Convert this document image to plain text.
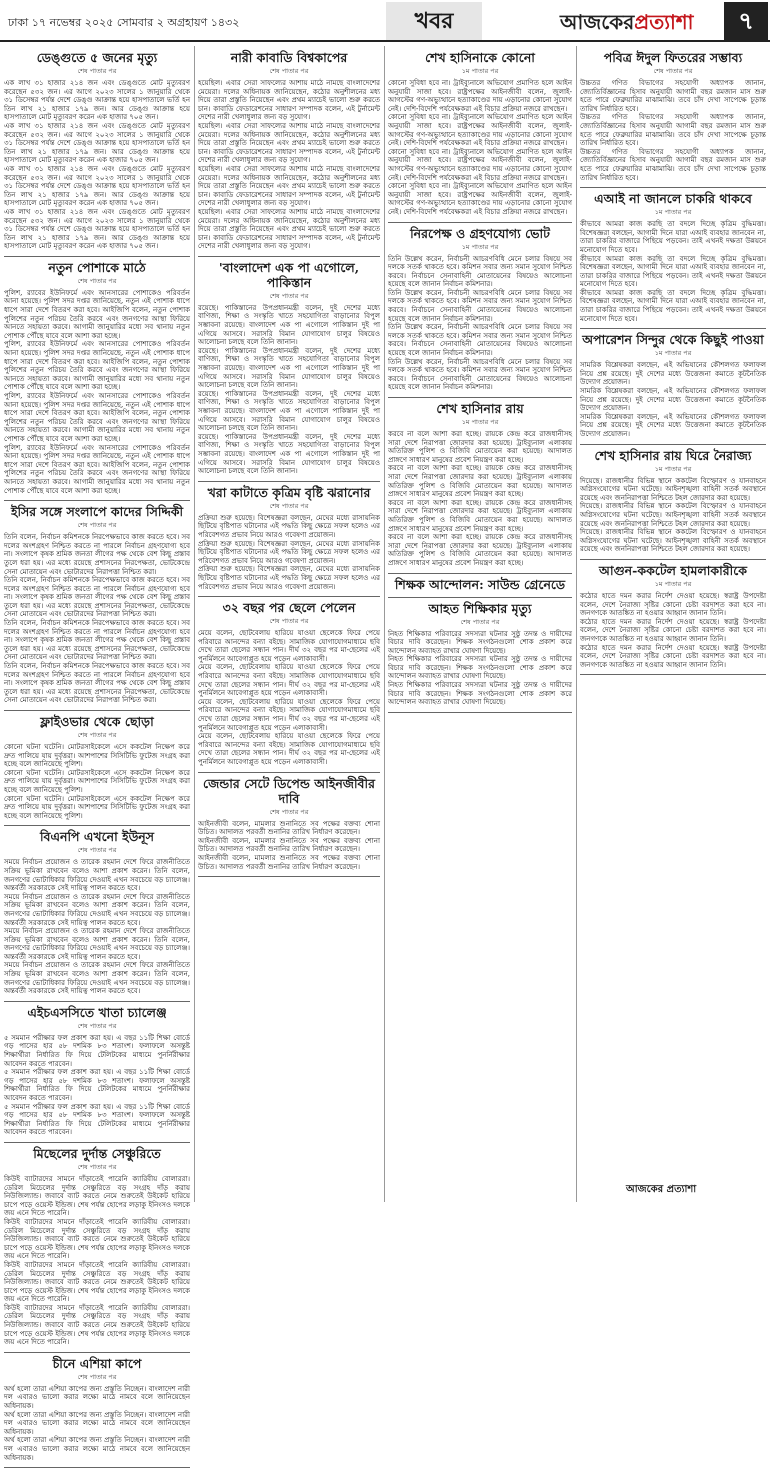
ঢাকা ১৭ নভেম্বর ২০২৫ সোমবার ২ অগ্রহায়ণ ১৪৩২	খবর	আজকেরপ্রত্যাশা	৭
ডেঙ্গুতে ৫ জনের মৃত্যু
শেষ পাতার পর

এক লাখ ৩১ হাজার ২১৪ জন এবং ডেঙ্গুতে মোট মৃত্যুবরণ করেছেন ৫৩২ জন। এর আগে ২০২৩ সালের ১ জানুয়ারি থেকে ৩১ ডিসেম্বর পর্যন্ত দেশে ডেঙ্গু আক্রান্ত হয়ে হাসপাতালে ভর্তি হন তিন লাখ ২১ হাজার ১৭৯ জন। আর ডেঙ্গু আক্রান্ত হয়ে হাসপাতালে মোট মৃত্যুবরণ করেন এক হাজার ৭০৫ জন।

এক লাখ ৩১ হাজার ২১৪ জন এবং ডেঙ্গুতে মোট মৃত্যুবরণ করেছেন ৫৩২ জন। এর আগে ২০২৩ সালের ১ জানুয়ারি থেকে ৩১ ডিসেম্বর পর্যন্ত দেশে ডেঙ্গু আক্রান্ত হয়ে হাসপাতালে ভর্তি হন তিন লাখ ২১ হাজার ১৭৯ জন। আর ডেঙ্গু আক্রান্ত হয়ে হাসপাতালে মোট মৃত্যুবরণ করেন এক হাজার ৭০৫ জন।

এক লাখ ৩১ হাজার ২১৪ জন এবং ডেঙ্গুতে মোট মৃত্যুবরণ করেছেন ৫৩২ জন। এর আগে ২০২৩ সালের ১ জানুয়ারি থেকে ৩১ ডিসেম্বর পর্যন্ত দেশে ডেঙ্গু আক্রান্ত হয়ে হাসপাতালে ভর্তি হন তিন লাখ ২১ হাজার ১৭৯ জন। আর ডেঙ্গু আক্রান্ত হয়ে হাসপাতালে মোট মৃত্যুবরণ করেন এক হাজার ৭০৫ জন।

এক লাখ ৩১ হাজার ২১৪ জন এবং ডেঙ্গুতে মোট মৃত্যুবরণ করেছেন ৫৩২ জন। এর আগে ২০২৩ সালের ১ জানুয়ারি থেকে ৩১ ডিসেম্বর পর্যন্ত দেশে ডেঙ্গু আক্রান্ত হয়ে হাসপাতালে ভর্তি হন তিন লাখ ২১ হাজার ১৭৯ জন। আর ডেঙ্গু আক্রান্ত হয়ে হাসপাতালে মোট মৃত্যুবরণ করেন এক হাজার ৭০৫ জন।

নতুন পোশাকে মাঠে
শেষ পাতার পর

পুলিশ, র‍্যাবের ইউনিফর্মে এবং আনসারের পোশাকেও পরিবর্তন আনা হয়েছে। পুলিশ সদর দপ্তর জানিয়েছে, নতুন এই পোশাক ধাপে ধাপে সারা দেশে বিতরণ করা হবে। আইজিপি বলেন, নতুন পোশাক পুলিশের নতুন পরিচয় তৈরি করবে এবং জনগণের আস্থা ফিরিয়ে আনতে সহায়তা করবে। আগামী জানুয়ারির মধ্যে সব থানায় নতুন পোশাক পৌঁছে যাবে বলে আশা করা হচ্ছে।

পুলিশ, র‍্যাবের ইউনিফর্মে এবং আনসারের পোশাকেও পরিবর্তন আনা হয়েছে। পুলিশ সদর দপ্তর জানিয়েছে, নতুন এই পোশাক ধাপে ধাপে সারা দেশে বিতরণ করা হবে। আইজিপি বলেন, নতুন পোশাক পুলিশের নতুন পরিচয় তৈরি করবে এবং জনগণের আস্থা ফিরিয়ে আনতে সহায়তা করবে। আগামী জানুয়ারির মধ্যে সব থানায় নতুন পোশাক পৌঁছে যাবে বলে আশা করা হচ্ছে।

পুলিশ, র‍্যাবের ইউনিফর্মে এবং আনসারের পোশাকেও পরিবর্তন আনা হয়েছে। পুলিশ সদর দপ্তর জানিয়েছে, নতুন এই পোশাক ধাপে ধাপে সারা দেশে বিতরণ করা হবে। আইজিপি বলেন, নতুন পোশাক পুলিশের নতুন পরিচয় তৈরি করবে এবং জনগণের আস্থা ফিরিয়ে আনতে সহায়তা করবে। আগামী জানুয়ারির মধ্যে সব থানায় নতুন পোশাক পৌঁছে যাবে বলে আশা করা হচ্ছে।

পুলিশ, র‍্যাবের ইউনিফর্মে এবং আনসারের পোশাকেও পরিবর্তন আনা হয়েছে। পুলিশ সদর দপ্তর জানিয়েছে, নতুন এই পোশাক ধাপে ধাপে সারা দেশে বিতরণ করা হবে। আইজিপি বলেন, নতুন পোশাক পুলিশের নতুন পরিচয় তৈরি করবে এবং জনগণের আস্থা ফিরিয়ে আনতে সহায়তা করবে। আগামী জানুয়ারির মধ্যে সব থানায় নতুন পোশাক পৌঁছে যাবে বলে আশা করা হচ্ছে।

ইসির সঙ্গে সংলাপে কাদের সিদ্দিকী
শেষ পাতার পর

তিনি বলেন, নির্বাচন কমিশনকে নিরপেক্ষভাবে কাজ করতে হবে। সব দলের অংশগ্রহণ নিশ্চিত করতে না পারলে নির্বাচন গ্রহণযোগ্য হবে না। সংলাপে কৃষক শ্রমিক জনতা লীগের পক্ষ থেকে বেশ কিছু প্রস্তাব তুলে ধরা হয়। এর মধ্যে রয়েছে প্রশাসনের নিরপেক্ষতা, ভোটকেন্দ্রে সেনা মোতায়েন এবং ভোটারদের নিরাপত্তা নিশ্চিত করা।

তিনি বলেন, নির্বাচন কমিশনকে নিরপেক্ষভাবে কাজ করতে হবে। সব দলের অংশগ্রহণ নিশ্চিত করতে না পারলে নির্বাচন গ্রহণযোগ্য হবে না। সংলাপে কৃষক শ্রমিক জনতা লীগের পক্ষ থেকে বেশ কিছু প্রস্তাব তুলে ধরা হয়। এর মধ্যে রয়েছে প্রশাসনের নিরপেক্ষতা, ভোটকেন্দ্রে সেনা মোতায়েন এবং ভোটারদের নিরাপত্তা নিশ্চিত করা।

তিনি বলেন, নির্বাচন কমিশনকে নিরপেক্ষভাবে কাজ করতে হবে। সব দলের অংশগ্রহণ নিশ্চিত করতে না পারলে নির্বাচন গ্রহণযোগ্য হবে না। সংলাপে কৃষক শ্রমিক জনতা লীগের পক্ষ থেকে বেশ কিছু প্রস্তাব তুলে ধরা হয়। এর মধ্যে রয়েছে প্রশাসনের নিরপেক্ষতা, ভোটকেন্দ্রে সেনা মোতায়েন এবং ভোটারদের নিরাপত্তা নিশ্চিত করা।

তিনি বলেন, নির্বাচন কমিশনকে নিরপেক্ষভাবে কাজ করতে হবে। সব দলের অংশগ্রহণ নিশ্চিত করতে না পারলে নির্বাচন গ্রহণযোগ্য হবে না। সংলাপে কৃষক শ্রমিক জনতা লীগের পক্ষ থেকে বেশ কিছু প্রস্তাব তুলে ধরা হয়। এর মধ্যে রয়েছে প্রশাসনের নিরপেক্ষতা, ভোটকেন্দ্রে সেনা মোতায়েন এবং ভোটারদের নিরাপত্তা নিশ্চিত করা।

ফ্লাইওভার থেকে ছোড়া
শেষ পাতার পর

কোনো ঘটনা ঘটেনি। মোটরসাইকেলে এসে ককটেল নিক্ষেপ করে দ্রুত পালিয়ে যায় দুর্বৃত্তরা। আশপাশের সিসিটিভি ফুটেজ সংগ্রহ করা হচ্ছে বলে জানিয়েছে পুলিশ।

কোনো ঘটনা ঘটেনি। মোটরসাইকেলে এসে ককটেল নিক্ষেপ করে দ্রুত পালিয়ে যায় দুর্বৃত্তরা। আশপাশের সিসিটিভি ফুটেজ সংগ্রহ করা হচ্ছে বলে জানিয়েছে পুলিশ।

কোনো ঘটনা ঘটেনি। মোটরসাইকেলে এসে ককটেল নিক্ষেপ করে দ্রুত পালিয়ে যায় দুর্বৃত্তরা। আশপাশের সিসিটিভি ফুটেজ সংগ্রহ করা হচ্ছে বলে জানিয়েছে পুলিশ।

বিএনপি এখনো ইউনূস
শেষ পাতার পর

সময়ে নির্বাচন প্রয়োজন ও তারেক রহমান দেশে ফিরে রাজনীতিতে সক্রিয় ভূমিকা রাখবেন বলেও আশা প্রকাশ করেন। তিনি বলেন, জনগণের ভোটাধিকার ফিরিয়ে দেওয়াই এখন সবচেয়ে বড় চ্যালেঞ্জ। অন্তর্বর্তী সরকারকে সেই দায়িত্ব পালন করতে হবে।

সময়ে নির্বাচন প্রয়োজন ও তারেক রহমান দেশে ফিরে রাজনীতিতে সক্রিয় ভূমিকা রাখবেন বলেও আশা প্রকাশ করেন। তিনি বলেন, জনগণের ভোটাধিকার ফিরিয়ে দেওয়াই এখন সবচেয়ে বড় চ্যালেঞ্জ। অন্তর্বর্তী সরকারকে সেই দায়িত্ব পালন করতে হবে।

সময়ে নির্বাচন প্রয়োজন ও তারেক রহমান দেশে ফিরে রাজনীতিতে সক্রিয় ভূমিকা রাখবেন বলেও আশা প্রকাশ করেন। তিনি বলেন, জনগণের ভোটাধিকার ফিরিয়ে দেওয়াই এখন সবচেয়ে বড় চ্যালেঞ্জ। অন্তর্বর্তী সরকারকে সেই দায়িত্ব পালন করতে হবে।

সময়ে নির্বাচন প্রয়োজন ও তারেক রহমান দেশে ফিরে রাজনীতিতে সক্রিয় ভূমিকা রাখবেন বলেও আশা প্রকাশ করেন। তিনি বলেন, জনগণের ভোটাধিকার ফিরিয়ে দেওয়াই এখন সবচেয়ে বড় চ্যালেঞ্জ। অন্তর্বর্তী সরকারকে সেই দায়িত্ব পালন করতে হবে।

এইচএসসিতে খাতা চ্যালেঞ্জ
শেষ পাতার পর

৫ সমমান পরীক্ষার ফল প্রকাশ করা হয়। এ বছর ১১টি শিক্ষা বোর্ডে গড় পাসের হার ৫৮ দশমিক ৮৩ শতাংশ। ফলাফলে অসন্তুষ্ট শিক্ষার্থীরা নির্ধারিত ফি দিয়ে টেলিটকের মাধ্যমে পুনর্নিরীক্ষার আবেদন করতে পারবেন।

৫ সমমান পরীক্ষার ফল প্রকাশ করা হয়। এ বছর ১১টি শিক্ষা বোর্ডে গড় পাসের হার ৫৮ দশমিক ৮৩ শতাংশ। ফলাফলে অসন্তুষ্ট শিক্ষার্থীরা নির্ধারিত ফি দিয়ে টেলিটকের মাধ্যমে পুনর্নিরীক্ষার আবেদন করতে পারবেন।

৫ সমমান পরীক্ষার ফল প্রকাশ করা হয়। এ বছর ১১টি শিক্ষা বোর্ডে গড় পাসের হার ৫৮ দশমিক ৮৩ শতাংশ। ফলাফলে অসন্তুষ্ট শিক্ষার্থীরা নির্ধারিত ফি দিয়ে টেলিটকের মাধ্যমে পুনর্নিরীক্ষার আবেদন করতে পারবেন।

মিছেলের দুর্দান্ত সেঞ্চুরিতে
শেষ পাতার পর

কিউই ব্যাটারদের সামনে দাঁড়াতেই পারেনি ক্যারিবীয় বোলাররা। ডেরিল মিচেলের দুর্দান্ত সেঞ্চুরিতে বড় সংগ্রহ দাঁড় করায় নিউজিল্যান্ড। জবাবে ব্যাট করতে নেমে শুরুতেই উইকেট হারিয়ে চাপে পড়ে ওয়েস্ট ইন্ডিজ। শেষ পর্যন্ত হোপের লড়াকু ইনিংসও দলকে জয় এনে দিতে পারেনি।

কিউই ব্যাটারদের সামনে দাঁড়াতেই পারেনি ক্যারিবীয় বোলাররা। ডেরিল মিচেলের দুর্দান্ত সেঞ্চুরিতে বড় সংগ্রহ দাঁড় করায় নিউজিল্যান্ড। জবাবে ব্যাট করতে নেমে শুরুতেই উইকেট হারিয়ে চাপে পড়ে ওয়েস্ট ইন্ডিজ। শেষ পর্যন্ত হোপের লড়াকু ইনিংসও দলকে জয় এনে দিতে পারেনি।

কিউই ব্যাটারদের সামনে দাঁড়াতেই পারেনি ক্যারিবীয় বোলাররা। ডেরিল মিচেলের দুর্দান্ত সেঞ্চুরিতে বড় সংগ্রহ দাঁড় করায় নিউজিল্যান্ড। জবাবে ব্যাট করতে নেমে শুরুতেই উইকেট হারিয়ে চাপে পড়ে ওয়েস্ট ইন্ডিজ। শেষ পর্যন্ত হোপের লড়াকু ইনিংসও দলকে জয় এনে দিতে পারেনি।

কিউই ব্যাটারদের সামনে দাঁড়াতেই পারেনি ক্যারিবীয় বোলাররা। ডেরিল মিচেলের দুর্দান্ত সেঞ্চুরিতে বড় সংগ্রহ দাঁড় করায় নিউজিল্যান্ড। জবাবে ব্যাট করতে নেমে শুরুতেই উইকেট হারিয়ে চাপে পড়ে ওয়েস্ট ইন্ডিজ। শেষ পর্যন্ত হোপের লড়াকু ইনিংসও দলকে জয় এনে দিতে পারেনি।

চীনে এশিয়া কাপে
শেষ পাতার পর

অর্থ হলো তারা এশিয়া কাপের জন্য প্রস্তুতি নিচ্ছেন। বাংলাদেশ নারী দল এবারও ভালো করার লক্ষ্যে মাঠে নামবে বলে জানিয়েছেন অধিনায়ক।

অর্থ হলো তারা এশিয়া কাপের জন্য প্রস্তুতি নিচ্ছেন। বাংলাদেশ নারী দল এবারও ভালো করার লক্ষ্যে মাঠে নামবে বলে জানিয়েছেন অধিনায়ক।

অর্থ হলো তারা এশিয়া কাপের জন্য প্রস্তুতি নিচ্ছেন। বাংলাদেশ নারী দল এবারও ভালো করার লক্ষ্যে মাঠে নামবে বলে জানিয়েছেন অধিনায়ক।

নারী কাবাডি বিশ্বকাপের
শেষ পাতার পর

হয়েছিল। এবার সেরা সাফল্যের আশায় মাঠে নামছে বাংলাদেশের মেয়েরা। দলের অধিনায়ক জানিয়েছেন, কঠোর অনুশীলনের মধ্য দিয়ে তারা প্রস্তুতি নিয়েছেন এবং প্রথম ম্যাচেই ভালো শুরু করতে চান। কাবাডি ফেডারেশনের সাধারণ সম্পাদক বলেন, এই টুর্নামেন্ট দেশের নারী খেলাধুলার জন্য বড় সুযোগ।

হয়েছিল। এবার সেরা সাফল্যের আশায় মাঠে নামছে বাংলাদেশের মেয়েরা। দলের অধিনায়ক জানিয়েছেন, কঠোর অনুশীলনের মধ্য দিয়ে তারা প্রস্তুতি নিয়েছেন এবং প্রথম ম্যাচেই ভালো শুরু করতে চান। কাবাডি ফেডারেশনের সাধারণ সম্পাদক বলেন, এই টুর্নামেন্ট দেশের নারী খেলাধুলার জন্য বড় সুযোগ।

হয়েছিল। এবার সেরা সাফল্যের আশায় মাঠে নামছে বাংলাদেশের মেয়েরা। দলের অধিনায়ক জানিয়েছেন, কঠোর অনুশীলনের মধ্য দিয়ে তারা প্রস্তুতি নিয়েছেন এবং প্রথম ম্যাচেই ভালো শুরু করতে চান। কাবাডি ফেডারেশনের সাধারণ সম্পাদক বলেন, এই টুর্নামেন্ট দেশের নারী খেলাধুলার জন্য বড় সুযোগ।

হয়েছিল। এবার সেরা সাফল্যের আশায় মাঠে নামছে বাংলাদেশের মেয়েরা। দলের অধিনায়ক জানিয়েছেন, কঠোর অনুশীলনের মধ্য দিয়ে তারা প্রস্তুতি নিয়েছেন এবং প্রথম ম্যাচেই ভালো শুরু করতে চান। কাবাডি ফেডারেশনের সাধারণ সম্পাদক বলেন, এই টুর্নামেন্ট দেশের নারী খেলাধুলার জন্য বড় সুযোগ।

'বাংলাদেশ এক পা এগোলে, পাকিস্তান
শেষ পাতার পর

রয়েছে। পাকিস্তানের উপপ্রধানমন্ত্রী বলেন, দুই দেশের মধ্যে বাণিজ্য, শিক্ষা ও সংস্কৃতি খাতে সহযোগিতা বাড়ানোর বিপুল সম্ভাবনা রয়েছে। বাংলাদেশ এক পা এগোলে পাকিস্তান দুই পা এগিয়ে আসবে। সরাসরি বিমান যোগাযোগ চালুর বিষয়েও আলোচনা চলছে বলে তিনি জানান।

রয়েছে। পাকিস্তানের উপপ্রধানমন্ত্রী বলেন, দুই দেশের মধ্যে বাণিজ্য, শিক্ষা ও সংস্কৃতি খাতে সহযোগিতা বাড়ানোর বিপুল সম্ভাবনা রয়েছে। বাংলাদেশ এক পা এগোলে পাকিস্তান দুই পা এগিয়ে আসবে। সরাসরি বিমান যোগাযোগ চালুর বিষয়েও আলোচনা চলছে বলে তিনি জানান।

রয়েছে। পাকিস্তানের উপপ্রধানমন্ত্রী বলেন, দুই দেশের মধ্যে বাণিজ্য, শিক্ষা ও সংস্কৃতি খাতে সহযোগিতা বাড়ানোর বিপুল সম্ভাবনা রয়েছে। বাংলাদেশ এক পা এগোলে পাকিস্তান দুই পা এগিয়ে আসবে। সরাসরি বিমান যোগাযোগ চালুর বিষয়েও আলোচনা চলছে বলে তিনি জানান।

রয়েছে। পাকিস্তানের উপপ্রধানমন্ত্রী বলেন, দুই দেশের মধ্যে বাণিজ্য, শিক্ষা ও সংস্কৃতি খাতে সহযোগিতা বাড়ানোর বিপুল সম্ভাবনা রয়েছে। বাংলাদেশ এক পা এগোলে পাকিস্তান দুই পা এগিয়ে আসবে। সরাসরি বিমান যোগাযোগ চালুর বিষয়েও আলোচনা চলছে বলে তিনি জানান।

খরা কাটাতে কৃত্রিম বৃষ্টি ঝরানোর
শেষ পাতার পর

প্রক্রিয়া শুরু হয়েছে। বিশেষজ্ঞরা বলছেন, মেঘের মধ্যে রাসায়নিক ছিটিয়ে বৃষ্টিপাত ঘটানোর এই পদ্ধতি কিছু ক্ষেত্রে সফল হলেও এর পরিবেশগত প্রভাব নিয়ে আরও গবেষণা প্রয়োজন।

প্রক্রিয়া শুরু হয়েছে। বিশেষজ্ঞরা বলছেন, মেঘের মধ্যে রাসায়নিক ছিটিয়ে বৃষ্টিপাত ঘটানোর এই পদ্ধতি কিছু ক্ষেত্রে সফল হলেও এর পরিবেশগত প্রভাব নিয়ে আরও গবেষণা প্রয়োজন।

প্রক্রিয়া শুরু হয়েছে। বিশেষজ্ঞরা বলছেন, মেঘের মধ্যে রাসায়নিক ছিটিয়ে বৃষ্টিপাত ঘটানোর এই পদ্ধতি কিছু ক্ষেত্রে সফল হলেও এর পরিবেশগত প্রভাব নিয়ে আরও গবেষণা প্রয়োজন।

৩২ বছর পর ছেলে পেলেন
শেষ পাতার পর

মেয়ে বলেন, ছোটবেলায় হারিয়ে যাওয়া ছেলেকে ফিরে পেয়ে পরিবারে আনন্দের বন্যা বইছে। সামাজিক যোগাযোগমাধ্যমে ছবি দেখে তারা ছেলের সন্ধান পান। দীর্ঘ ৩২ বছর পর মা-ছেলের এই পুনর্মিলনে আবেগাপ্লুত হয়ে পড়েন এলাকাবাসী।

মেয়ে বলেন, ছোটবেলায় হারিয়ে যাওয়া ছেলেকে ফিরে পেয়ে পরিবারে আনন্দের বন্যা বইছে। সামাজিক যোগাযোগমাধ্যমে ছবি দেখে তারা ছেলের সন্ধান পান। দীর্ঘ ৩২ বছর পর মা-ছেলের এই পুনর্মিলনে আবেগাপ্লুত হয়ে পড়েন এলাকাবাসী।

মেয়ে বলেন, ছোটবেলায় হারিয়ে যাওয়া ছেলেকে ফিরে পেয়ে পরিবারে আনন্দের বন্যা বইছে। সামাজিক যোগাযোগমাধ্যমে ছবি দেখে তারা ছেলের সন্ধান পান। দীর্ঘ ৩২ বছর পর মা-ছেলের এই পুনর্মিলনে আবেগাপ্লুত হয়ে পড়েন এলাকাবাসী।

মেয়ে বলেন, ছোটবেলায় হারিয়ে যাওয়া ছেলেকে ফিরে পেয়ে পরিবারে আনন্দের বন্যা বইছে। সামাজিক যোগাযোগমাধ্যমে ছবি দেখে তারা ছেলের সন্ধান পান। দীর্ঘ ৩২ বছর পর মা-ছেলের এই পুনর্মিলনে আবেগাপ্লুত হয়ে পড়েন এলাকাবাসী।

জেন্ডার সেটে ডিপেন্ড আইনজীবীর দাবি
শেষ পাতার পর

আইনজীবী বলেন, মামলার শুনানিতে সব পক্ষের বক্তব্য শোনা উচিত। আদালত পরবর্তী শুনানির তারিখ নির্ধারণ করেছেন।

আইনজীবী বলেন, মামলার শুনানিতে সব পক্ষের বক্তব্য শোনা উচিত। আদালত পরবর্তী শুনানির তারিখ নির্ধারণ করেছেন।

আইনজীবী বলেন, মামলার শুনানিতে সব পক্ষের বক্তব্য শোনা উচিত। আদালত পরবর্তী শুনানির তারিখ নির্ধারণ করেছেন।

শেখ হাসিনাকে কোনো
১ম পাতার পর

কোনো সুবিধা হবে না। ট্রাইব্যুনালে অভিযোগ প্রমাণিত হলে আইন অনুযায়ী সাজা হবে। রাষ্ট্রপক্ষের আইনজীবী বলেন, জুলাই-আগস্টের গণ-অভ্যুত্থানে হত্যাকাণ্ডের দায় এড়ানোর কোনো সুযোগ নেই। দেশি-বিদেশি পর্যবেক্ষকরা এই বিচার প্রক্রিয়া নজরে রাখছেন।

কোনো সুবিধা হবে না। ট্রাইব্যুনালে অভিযোগ প্রমাণিত হলে আইন অনুযায়ী সাজা হবে। রাষ্ট্রপক্ষের আইনজীবী বলেন, জুলাই-আগস্টের গণ-অভ্যুত্থানে হত্যাকাণ্ডের দায় এড়ানোর কোনো সুযোগ নেই। দেশি-বিদেশি পর্যবেক্ষকরা এই বিচার প্রক্রিয়া নজরে রাখছেন।

কোনো সুবিধা হবে না। ট্রাইব্যুনালে অভিযোগ প্রমাণিত হলে আইন অনুযায়ী সাজা হবে। রাষ্ট্রপক্ষের আইনজীবী বলেন, জুলাই-আগস্টের গণ-অভ্যুত্থানে হত্যাকাণ্ডের দায় এড়ানোর কোনো সুযোগ নেই। দেশি-বিদেশি পর্যবেক্ষকরা এই বিচার প্রক্রিয়া নজরে রাখছেন।

কোনো সুবিধা হবে না। ট্রাইব্যুনালে অভিযোগ প্রমাণিত হলে আইন অনুযায়ী সাজা হবে। রাষ্ট্রপক্ষের আইনজীবী বলেন, জুলাই-আগস্টের গণ-অভ্যুত্থানে হত্যাকাণ্ডের দায় এড়ানোর কোনো সুযোগ নেই। দেশি-বিদেশি পর্যবেক্ষকরা এই বিচার প্রক্রিয়া নজরে রাখছেন।

নিরপেক্ষ ও গ্রহণযোগ্য ভোট
১ম পাতার পর

তিনি উল্লেখ করেন, নির্বাচনী আচরণবিধি মেনে চলার বিষয়ে সব দলকে সতর্ক থাকতে হবে। কমিশন সবার জন্য সমান সুযোগ নিশ্চিত করবে। নির্বাচনে সেনাবাহিনী মোতায়েনের বিষয়েও আলোচনা হয়েছে বলে জানান নির্বাচন কমিশনার।

তিনি উল্লেখ করেন, নির্বাচনী আচরণবিধি মেনে চলার বিষয়ে সব দলকে সতর্ক থাকতে হবে। কমিশন সবার জন্য সমান সুযোগ নিশ্চিত করবে। নির্বাচনে সেনাবাহিনী মোতায়েনের বিষয়েও আলোচনা হয়েছে বলে জানান নির্বাচন কমিশনার।

তিনি উল্লেখ করেন, নির্বাচনী আচরণবিধি মেনে চলার বিষয়ে সব দলকে সতর্ক থাকতে হবে। কমিশন সবার জন্য সমান সুযোগ নিশ্চিত করবে। নির্বাচনে সেনাবাহিনী মোতায়েনের বিষয়েও আলোচনা হয়েছে বলে জানান নির্বাচন কমিশনার।

তিনি উল্লেখ করেন, নির্বাচনী আচরণবিধি মেনে চলার বিষয়ে সব দলকে সতর্ক থাকতে হবে। কমিশন সবার জন্য সমান সুযোগ নিশ্চিত করবে। নির্বাচনে সেনাবাহিনী মোতায়েনের বিষয়েও আলোচনা হয়েছে বলে জানান নির্বাচন কমিশনার।

শেখ হাসিনার রায়
১ম পাতার পর

করবে না বলে আশা করা হচ্ছে। রায়কে কেন্দ্র করে রাজধানীসহ সারা দেশে নিরাপত্তা জোরদার করা হয়েছে। ট্রাইব্যুনাল এলাকায় অতিরিক্ত পুলিশ ও বিজিবি মোতায়েন করা হয়েছে। আদালত প্রাঙ্গণে সাধারণ মানুষের প্রবেশ নিয়ন্ত্রণ করা হচ্ছে।

করবে না বলে আশা করা হচ্ছে। রায়কে কেন্দ্র করে রাজধানীসহ সারা দেশে নিরাপত্তা জোরদার করা হয়েছে। ট্রাইব্যুনাল এলাকায় অতিরিক্ত পুলিশ ও বিজিবি মোতায়েন করা হয়েছে। আদালত প্রাঙ্গণে সাধারণ মানুষের প্রবেশ নিয়ন্ত্রণ করা হচ্ছে।

করবে না বলে আশা করা হচ্ছে। রায়কে কেন্দ্র করে রাজধানীসহ সারা দেশে নিরাপত্তা জোরদার করা হয়েছে। ট্রাইব্যুনাল এলাকায় অতিরিক্ত পুলিশ ও বিজিবি মোতায়েন করা হয়েছে। আদালত প্রাঙ্গণে সাধারণ মানুষের প্রবেশ নিয়ন্ত্রণ করা হচ্ছে।

করবে না বলে আশা করা হচ্ছে। রায়কে কেন্দ্র করে রাজধানীসহ সারা দেশে নিরাপত্তা জোরদার করা হয়েছে। ট্রাইব্যুনাল এলাকায় অতিরিক্ত পুলিশ ও বিজিবি মোতায়েন করা হয়েছে। আদালত প্রাঙ্গণে সাধারণ মানুষের প্রবেশ নিয়ন্ত্রণ করা হচ্ছে।

শিক্ষক আন্দোলন: সাউন্ড গ্রেনেডে
আহত শিক্ষিকার মৃত্যু
শেষ পাতার পর

নিহত শিক্ষিকার পরিবারের সদস্যরা ঘটনার সুষ্ঠু তদন্ত ও দায়ীদের বিচার দাবি করেছেন। শিক্ষক সংগঠনগুলো শোক প্রকাশ করে আন্দোলন অব্যাহত রাখার ঘোষণা দিয়েছে।

নিহত শিক্ষিকার পরিবারের সদস্যরা ঘটনার সুষ্ঠু তদন্ত ও দায়ীদের বিচার দাবি করেছেন। শিক্ষক সংগঠনগুলো শোক প্রকাশ করে আন্দোলন অব্যাহত রাখার ঘোষণা দিয়েছে।

নিহত শিক্ষিকার পরিবারের সদস্যরা ঘটনার সুষ্ঠু তদন্ত ও দায়ীদের বিচার দাবি করেছেন। শিক্ষক সংগঠনগুলো শোক প্রকাশ করে আন্দোলন অব্যাহত রাখার ঘোষণা দিয়েছে।

পবিত্র ঈদুল ফিতরের সম্ভাব্য
শেষ পাতার পর

উচ্চতর গণিত বিভাগের সহযোগী অধ্যাপক জানান, জ্যোতির্বিজ্ঞানের হিসাব অনুযায়ী আগামী বছর রমজান মাস শুরু হতে পারে ফেব্রুয়ারির মাঝামাঝি। তবে চাঁদ দেখা সাপেক্ষে চূড়ান্ত তারিখ নির্ধারিত হবে।

উচ্চতর গণিত বিভাগের সহযোগী অধ্যাপক জানান, জ্যোতির্বিজ্ঞানের হিসাব অনুযায়ী আগামী বছর রমজান মাস শুরু হতে পারে ফেব্রুয়ারির মাঝামাঝি। তবে চাঁদ দেখা সাপেক্ষে চূড়ান্ত তারিখ নির্ধারিত হবে।

উচ্চতর গণিত বিভাগের সহযোগী অধ্যাপক জানান, জ্যোতির্বিজ্ঞানের হিসাব অনুযায়ী আগামী বছর রমজান মাস শুরু হতে পারে ফেব্রুয়ারির মাঝামাঝি। তবে চাঁদ দেখা সাপেক্ষে চূড়ান্ত তারিখ নির্ধারিত হবে।

এআই না জানলে চাকরি থাকবে
১ম পাতার পর

কীভাবে আমরা কাজ করছি তা বদলে দিচ্ছে কৃত্রিম বুদ্ধিমত্তা। বিশেষজ্ঞরা বলছেন, আগামী দিনে যারা এআই ব্যবহার জানবেন না, তারা চাকরির বাজারে পিছিয়ে পড়বেন। তাই এখনই দক্ষতা উন্নয়নে মনোযোগ দিতে হবে।

কীভাবে আমরা কাজ করছি তা বদলে দিচ্ছে কৃত্রিম বুদ্ধিমত্তা। বিশেষজ্ঞরা বলছেন, আগামী দিনে যারা এআই ব্যবহার জানবেন না, তারা চাকরির বাজারে পিছিয়ে পড়বেন। তাই এখনই দক্ষতা উন্নয়নে মনোযোগ দিতে হবে।

কীভাবে আমরা কাজ করছি তা বদলে দিচ্ছে কৃত্রিম বুদ্ধিমত্তা। বিশেষজ্ঞরা বলছেন, আগামী দিনে যারা এআই ব্যবহার জানবেন না, তারা চাকরির বাজারে পিছিয়ে পড়বেন। তাই এখনই দক্ষতা উন্নয়নে মনোযোগ দিতে হবে।

অপারেশন সিন্দুর থেকে কিছুই পাওয়া
১ম পাতার পর

সামরিক বিশ্লেষকরা বলছেন, এই অভিযানের কৌশলগত ফলাফল নিয়ে প্রশ্ন রয়েছে। দুই দেশের মধ্যে উত্তেজনা কমাতে কূটনৈতিক উদ্যোগ প্রয়োজন।

সামরিক বিশ্লেষকরা বলছেন, এই অভিযানের কৌশলগত ফলাফল নিয়ে প্রশ্ন রয়েছে। দুই দেশের মধ্যে উত্তেজনা কমাতে কূটনৈতিক উদ্যোগ প্রয়োজন।

সামরিক বিশ্লেষকরা বলছেন, এই অভিযানের কৌশলগত ফলাফল নিয়ে প্রশ্ন রয়েছে। দুই দেশের মধ্যে উত্তেজনা কমাতে কূটনৈতিক উদ্যোগ প্রয়োজন।

শেখ হাসিনার রায় ঘিরে নৈরাজ্য
১ম পাতার পর

দিয়েছে। রাজধানীর বিভিন্ন স্থানে ককটেল বিস্ফোরণ ও যানবাহনে অগ্নিসংযোগের ঘটনা ঘটেছে। আইনশৃঙ্খলা বাহিনী সতর্ক অবস্থানে রয়েছে এবং জননিরাপত্তা নিশ্চিতে টহল জোরদার করা হয়েছে।

দিয়েছে। রাজধানীর বিভিন্ন স্থানে ককটেল বিস্ফোরণ ও যানবাহনে অগ্নিসংযোগের ঘটনা ঘটেছে। আইনশৃঙ্খলা বাহিনী সতর্ক অবস্থানে রয়েছে এবং জননিরাপত্তা নিশ্চিতে টহল জোরদার করা হয়েছে।

দিয়েছে। রাজধানীর বিভিন্ন স্থানে ককটেল বিস্ফোরণ ও যানবাহনে অগ্নিসংযোগের ঘটনা ঘটেছে। আইনশৃঙ্খলা বাহিনী সতর্ক অবস্থানে রয়েছে এবং জননিরাপত্তা নিশ্চিতে টহল জোরদার করা হয়েছে।

আগুন-ককটেল হামলাকারীকে
১ম পাতার পর

কঠোর হাতে দমন করার নির্দেশ দেওয়া হয়েছে। স্বরাষ্ট্র উপদেষ্টা বলেন, দেশে নৈরাজ্য সৃষ্টির কোনো চেষ্টা বরদাশত করা হবে না। জনগণকে আতঙ্কিত না হওয়ার আহ্বান জানান তিনি।

কঠোর হাতে দমন করার নির্দেশ দেওয়া হয়েছে। স্বরাষ্ট্র উপদেষ্টা বলেন, দেশে নৈরাজ্য সৃষ্টির কোনো চেষ্টা বরদাশত করা হবে না। জনগণকে আতঙ্কিত না হওয়ার আহ্বান জানান তিনি।

কঠোর হাতে দমন করার নির্দেশ দেওয়া হয়েছে। স্বরাষ্ট্র উপদেষ্টা বলেন, দেশে নৈরাজ্য সৃষ্টির কোনো চেষ্টা বরদাশত করা হবে না। জনগণকে আতঙ্কিত না হওয়ার আহ্বান জানান তিনি।

আজকের প্রত্যাশা
